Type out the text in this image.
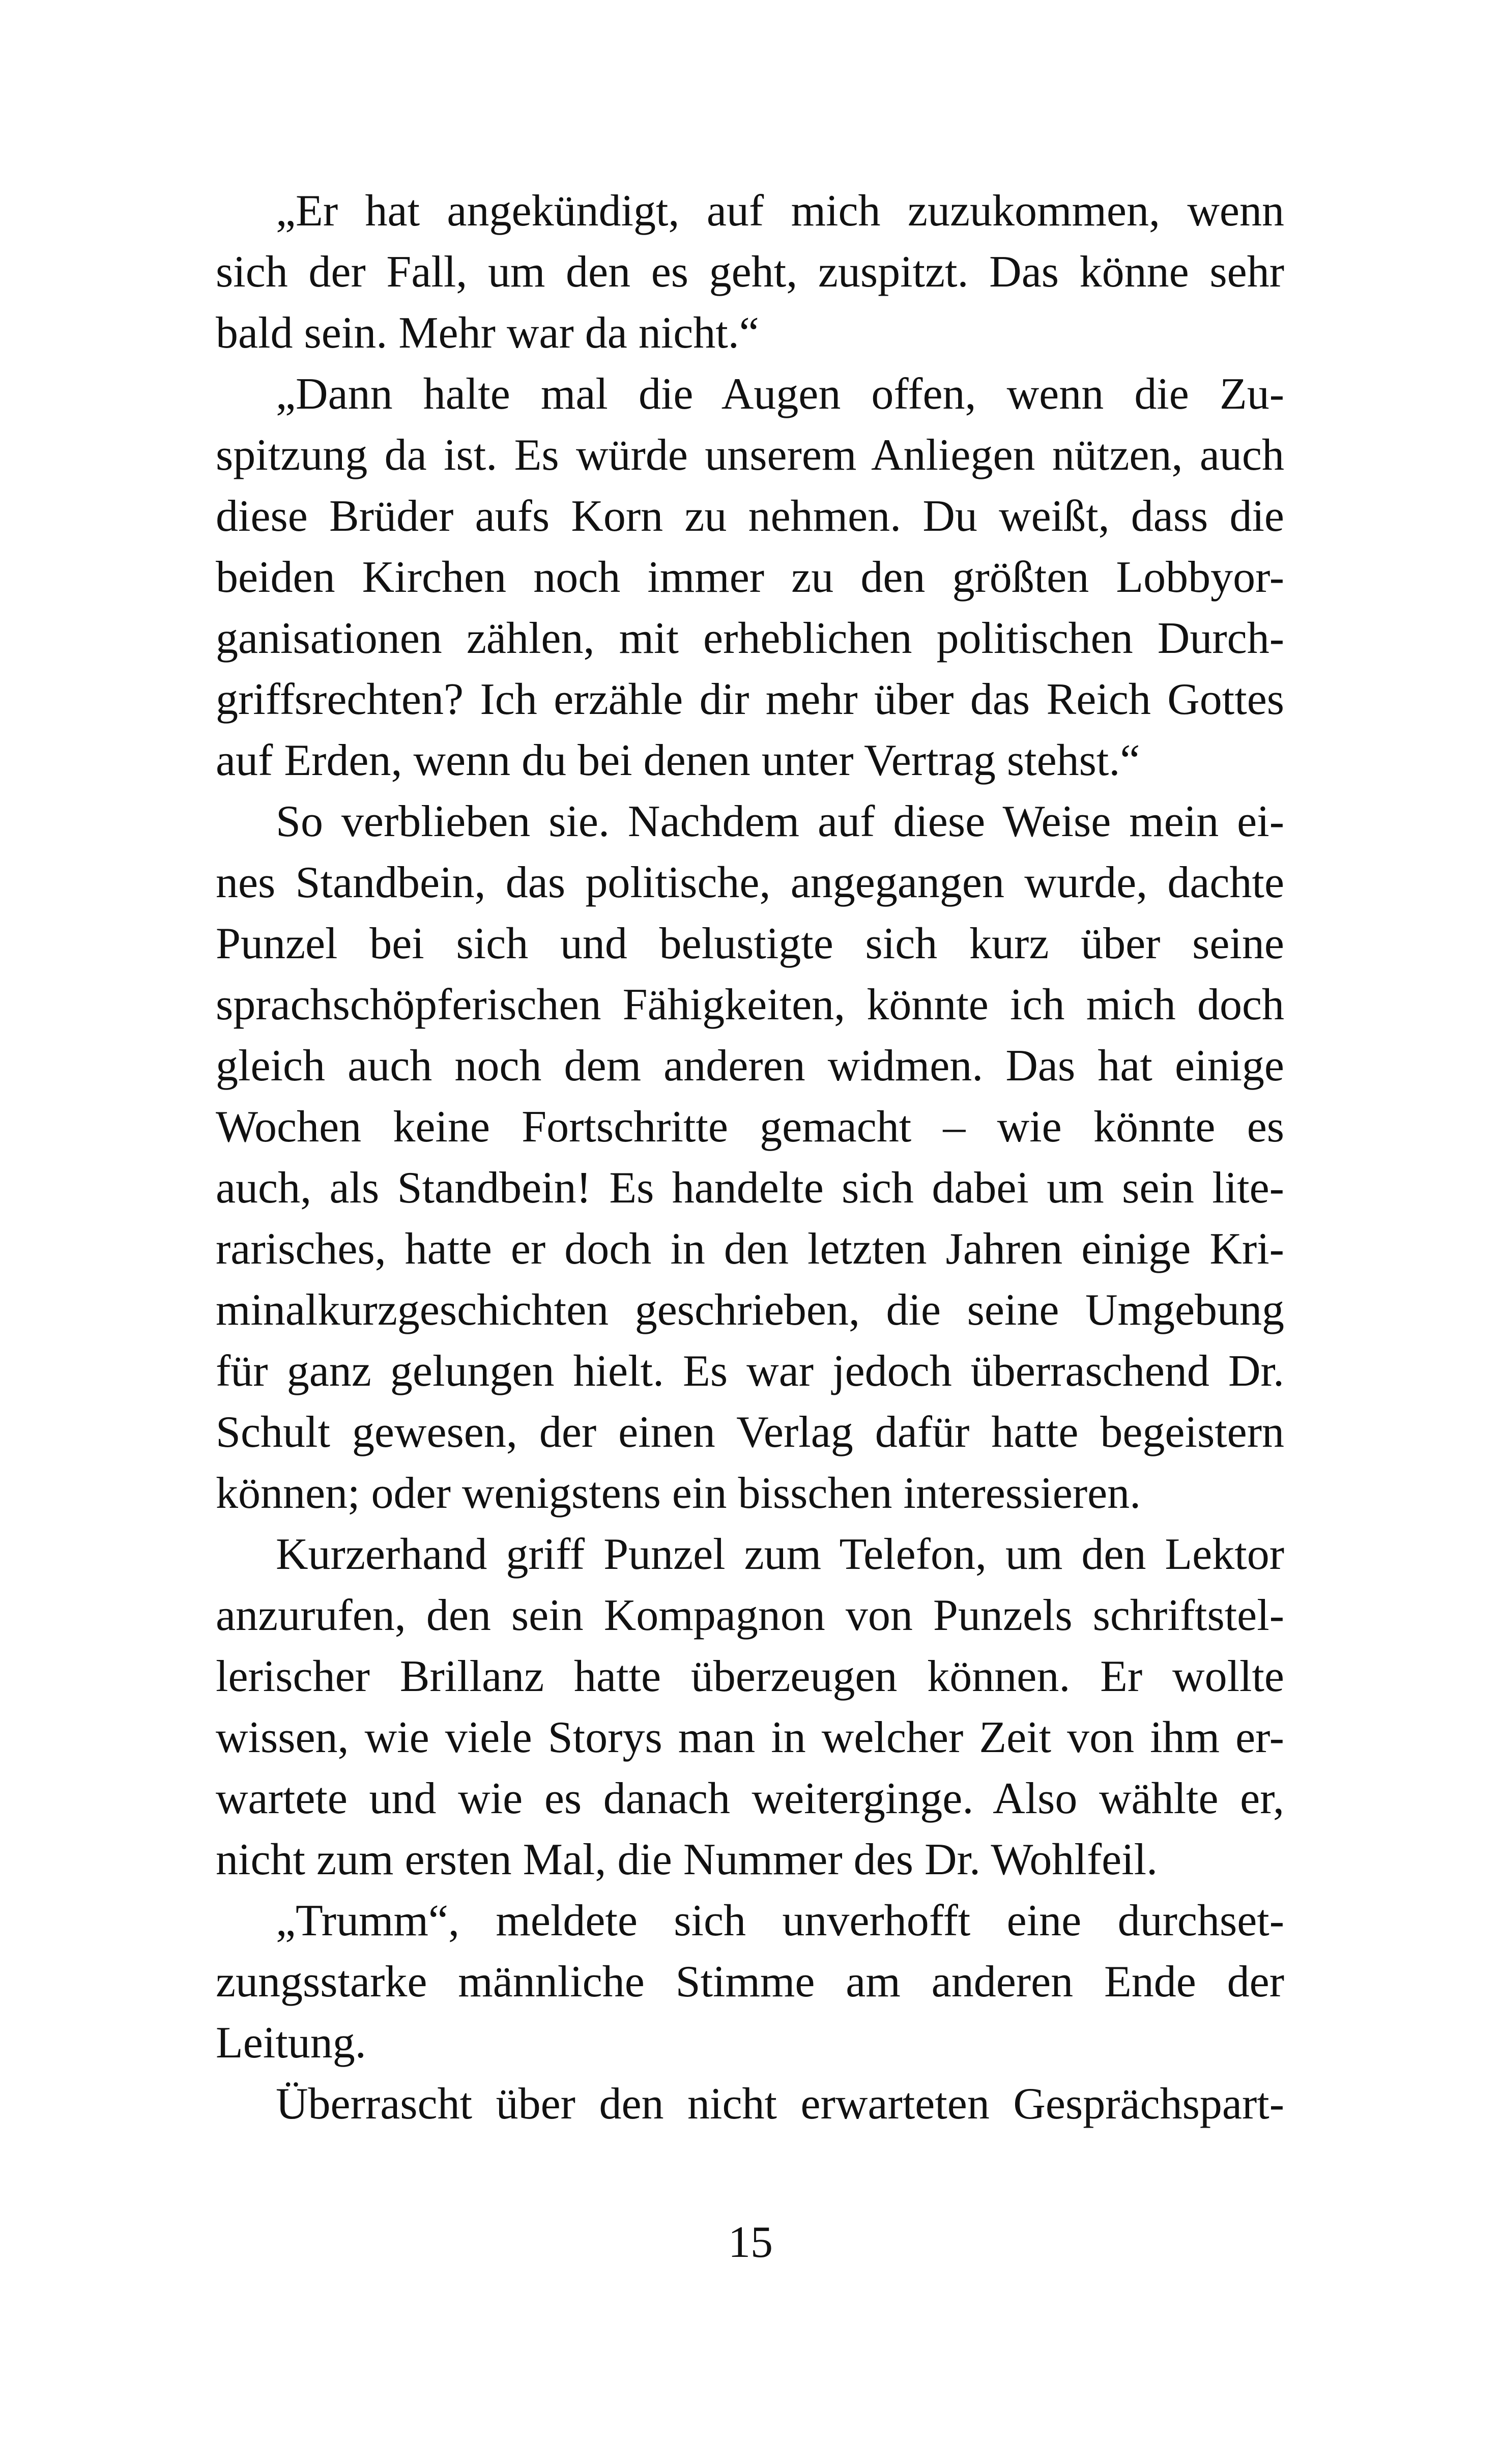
„Er hat angekündigt, auf mich zuzukommen, wenn
sich der Fall, um den es geht, zuspitzt. Das könne sehr
bald sein. Mehr war da nicht.“
„Dann halte mal die Augen offen, wenn die Zu-
spitzung da ist. Es würde unserem Anliegen nützen, auch
diese Brüder aufs Korn zu nehmen. Du weißt, dass die
beiden Kirchen noch immer zu den größten Lobbyor-
ganisationen zählen, mit erheblichen politischen Durch-
griffsrechten? Ich erzähle dir mehr über das Reich Gottes
auf Erden, wenn du bei denen unter Vertrag stehst.“
So verblieben sie. Nachdem auf diese Weise mein ei-
nes Standbein, das politische, angegangen wurde, dachte
Punzel bei sich und belustigte sich kurz über seine
sprachschöpferischen Fähigkeiten, könnte ich mich doch
gleich auch noch dem anderen widmen. Das hat einige
Wochen keine Fortschritte gemacht – wie könnte es
auch, als Standbein! Es handelte sich dabei um sein lite-
rarisches, hatte er doch in den letzten Jahren einige Kri-
minalkurzgeschichten geschrieben, die seine Umgebung
für ganz gelungen hielt. Es war jedoch überraschend Dr.
Schult gewesen, der einen Verlag dafür hatte begeistern
können; oder wenigstens ein bisschen interessieren.
Kurzerhand griff Punzel zum Telefon, um den Lektor
anzurufen, den sein Kompagnon von Punzels schriftstel-
lerischer Brillanz hatte überzeugen können. Er wollte
wissen, wie viele Storys man in welcher Zeit von ihm er-
wartete und wie es danach weiterginge. Also wählte er,
nicht zum ersten Mal, die Nummer des Dr. Wohlfeil.
„Trumm“, meldete sich unverhofft eine durchset-
zungsstarke männliche Stimme am anderen Ende der
Leitung.
Überrascht über den nicht erwarteten Gesprächspart-
15
